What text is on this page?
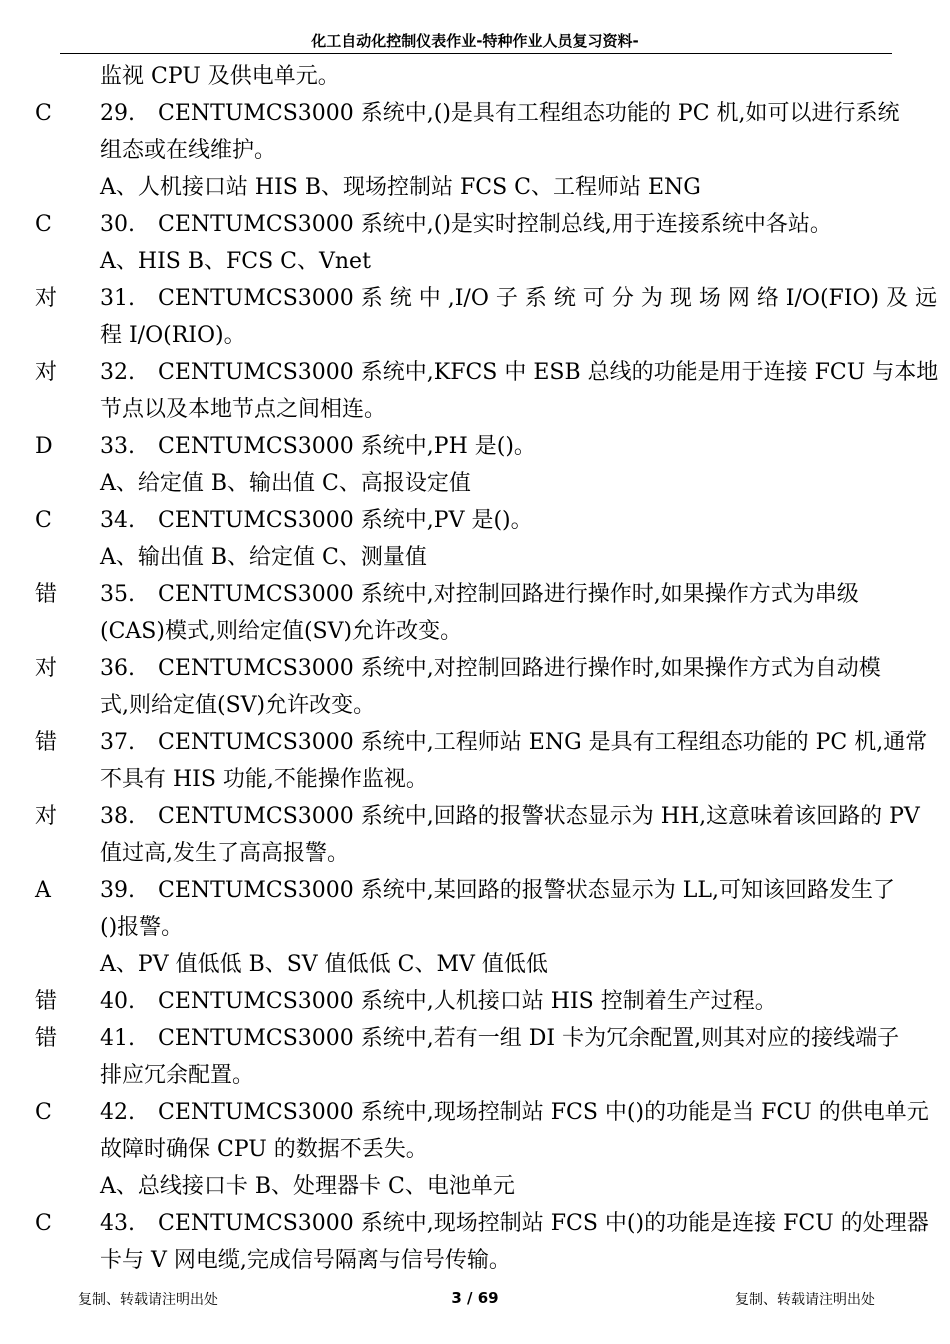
化工自动化控制仪表作业-特种作业人员复习资料-
监视 CPU 及供电单元。
C 29. CENTUMCS3000 系统中,()是具有工程组态功能的 PC 机,如可以进行系统
组态或在线维护。
A、人机接口站 HIS B、现场控制站 FCS C、工程师站 ENG
C 30. CENTUMCS3000 系统中,()是实时控制总线,用于连接系统中各站。
A、HIS B、FCS C、Vnet
对 31. CENTUMCS3000 系 统 中 ,I/O 子 系 统 可 分 为 现 场 网 络 I/O(FIO) 及 远
程 I/O(RIO)。
对 32. CENTUMCS3000 系统中,KFCS 中 ESB 总线的功能是用于连接 FCU 与本地
节点以及本地节点之间相连。
D 33. CENTUMCS3000 系统中,PH 是()。
A、给定值 B、输出值 C、高报设定值
C 34. CENTUMCS3000 系统中,PV 是()。
A、输出值 B、给定值 C、测量值
错 35. CENTUMCS3000 系统中,对控制回路进行操作时,如果操作方式为串级
(CAS)模式,则给定值(SV)允许改变。
对 36. CENTUMCS3000 系统中,对控制回路进行操作时,如果操作方式为自动模
式,则给定值(SV)允许改变。
错 37. CENTUMCS3000 系统中,工程师站 ENG 是具有工程组态功能的 PC 机,通常
不具有 HIS 功能,不能操作监视。
对 38. CENTUMCS3000 系统中,回路的报警状态显示为 HH,这意味着该回路的 PV
值过高,发生了高高报警。
A 39. CENTUMCS3000 系统中,某回路的报警状态显示为 LL,可知该回路发生了
()报警。
A、PV 值低低 B、SV 值低低 C、MV 值低低
错 40. CENTUMCS3000 系统中,人机接口站 HIS 控制着生产过程。
错 41. CENTUMCS3000 系统中,若有一组 DI 卡为冗余配置,则其对应的接线端子
排应冗余配置。
C 42. CENTUMCS3000 系统中,现场控制站 FCS 中()的功能是当 FCU 的供电单元
故障时确保 CPU 的数据不丢失。
A、总线接口卡 B、处理器卡 C、电池单元
C 43. CENTUMCS3000 系统中,现场控制站 FCS 中()的功能是连接 FCU 的处理器
卡与 V 网电缆,完成信号隔离与信号传输。
复制、转载请注明出处	3 / 69	复制、转载请注明出处
